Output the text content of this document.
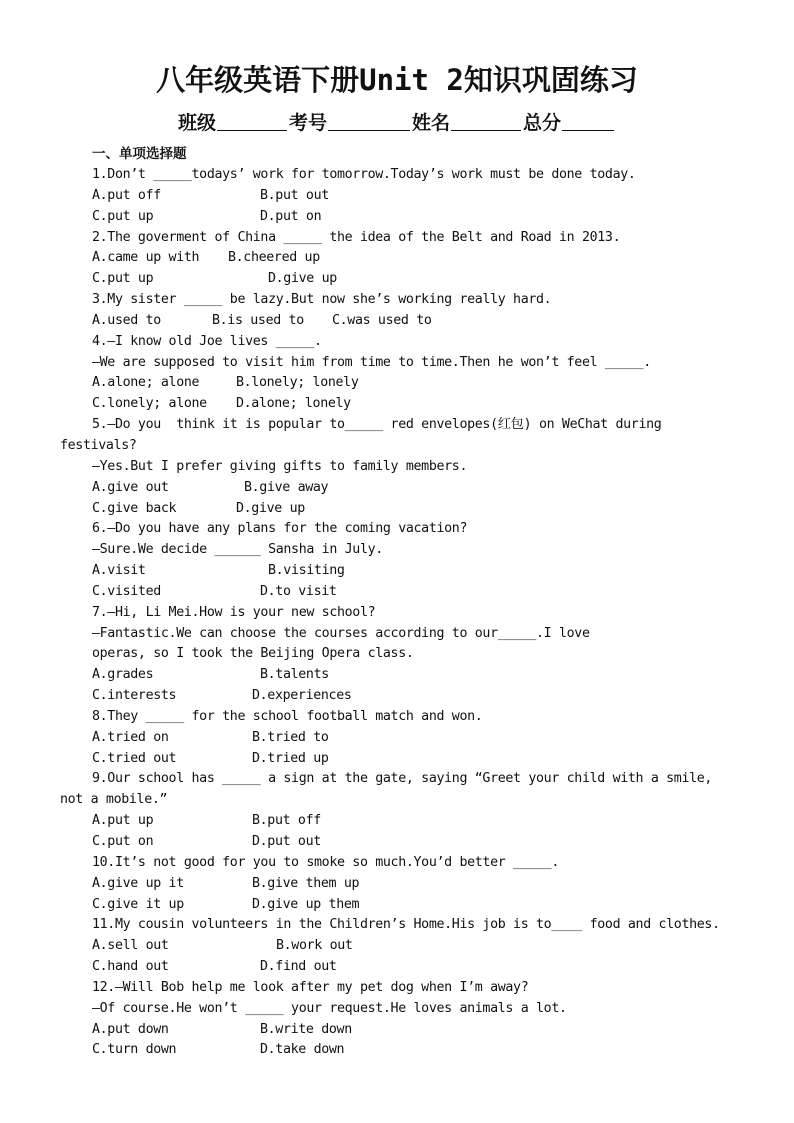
八年级英语下册Unit 2知识巩固练习
班级	考号	姓名	总分
一、单项选择题
1.Don’t _____todays’ work for tomorrow.Today’s work must be done today.
A.put off	B.put out
C.put up	D.put on
2.The goverment of China _____ the idea of the Belt and Road in 2013.
A.came up with B.cheered up
C.put up	D.give up
3.My sister _____ be lazy.But now she’s working really hard.
A.used to	B.is used to C.was used to
4.—I know old Joe lives _____.
—We are supposed to visit him from time to time.Then he won’t feel _____.
A.alone; alone	B.lonely; lonely
C.lonely; alone D.alone; lonely
5.—Do you  think it is popular to_____ red envelopes(红包) on WeChat during
festivals?
—Yes.But I prefer giving gifts to family members.
A.give out	B.give away
C.give back	D.give up
6.—Do you have any plans for the coming vacation?
—Sure.We decide ______ Sansha in July.
A.visit	B.visiting
C.visited	D.to visit
7.—Hi, Li Mei.How is your new school?
—Fantastic.We can choose the courses according to our_____.I love
operas, so I took the Beijing Opera class.
A.grades	B.talents
C.interests	D.experiences
8.They _____ for the school football match and won.
A.tried on	B.tried to
C.tried out	D.tried up
9.Our school has _____ a sign at the gate, saying “Greet your child with a smile,
not a mobile.”
A.put up	B.put off
C.put on	D.put out
10.It’s not good for you to smoke so much.You’d better _____.
A.give up it	B.give them up
C.give it up	D.give up them
11.My cousin volunteers in the Children’s Home.His job is to____ food and clothes.
A.sell out	B.work out
C.hand out	D.find out
12.—Will Bob help me look after my pet dog when I’m away?
—Of course.He won’t _____ your request.He loves animals a lot.
A.put down	B.write down
C.turn down	D.take down
